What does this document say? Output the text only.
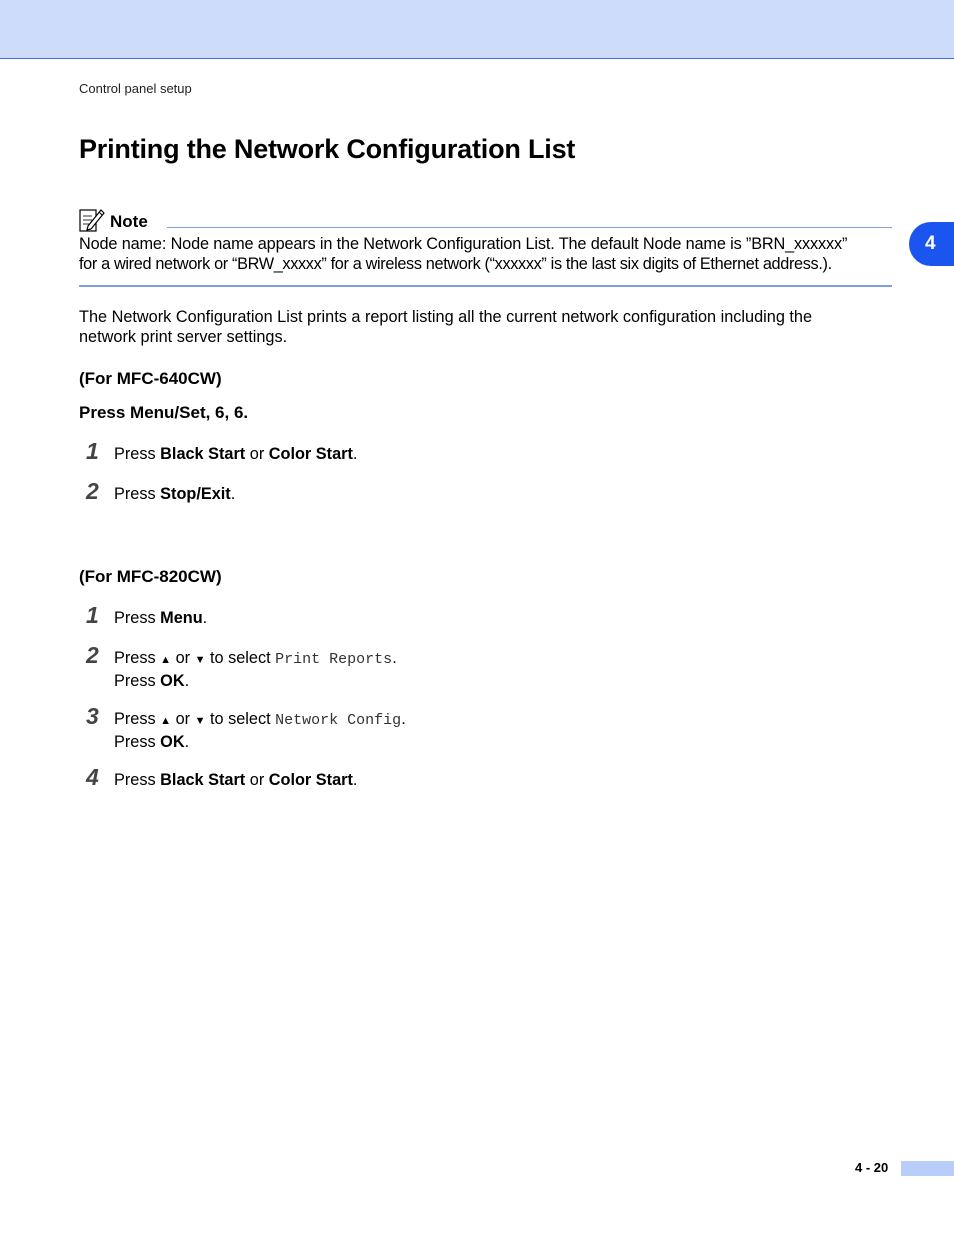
Control panel setup
Printing the Network Configuration List
4
Note
Node name: Node name appears in the Network Configuration List. The default Node name is ”BRN_xxxxxx”
for a wired network or “BRW_xxxxx” for a wireless network (“xxxxxx” is the last six digits of Ethernet address.).
The Network Configuration List prints a report listing all the current network configuration including the
network print server settings.
(For MFC-640CW)
Press Menu/Set, 6, 6.
1 Press Black Start or Color Start.
2 Press Stop/Exit.
(For MFC-820CW)
1 Press Menu.
2 Press ▲ or ▼ to select Print Reports.
Press OK.
3 Press ▲ or ▼ to select Network Config.
Press OK.
4 Press Black Start or Color Start.
4 - 20
